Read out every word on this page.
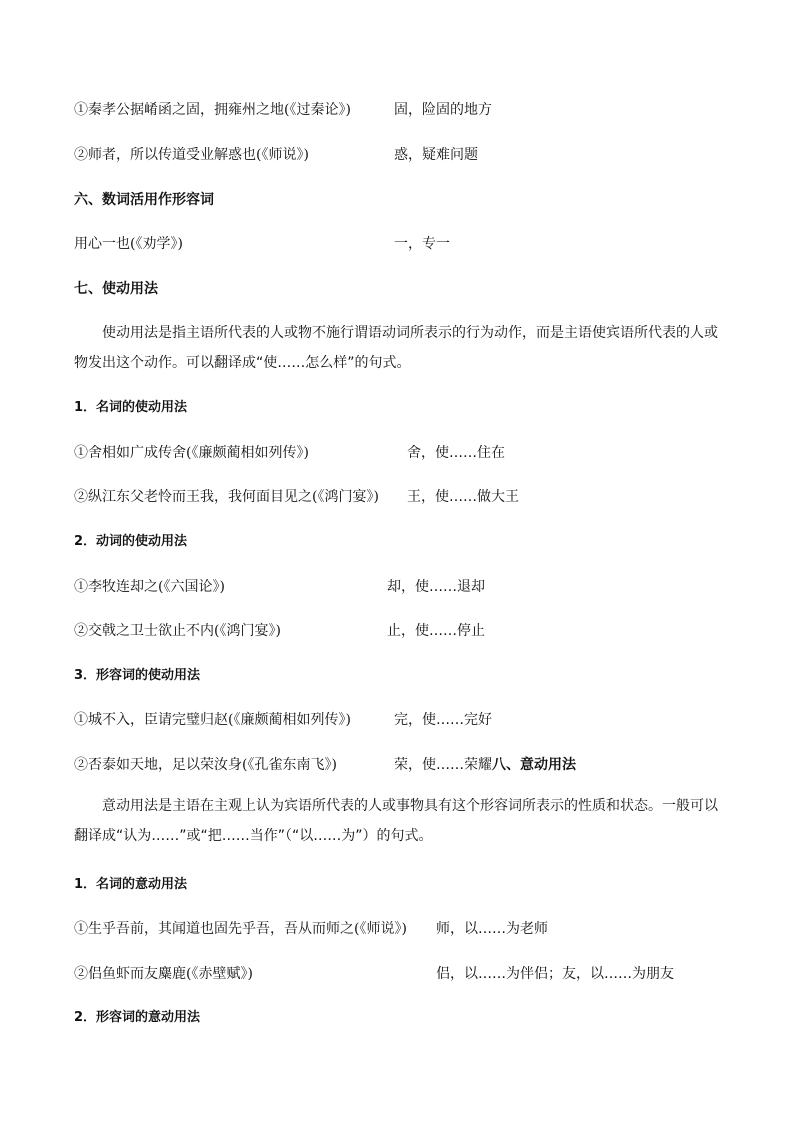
①秦孝公据崤函之固，拥雍州之地(《过秦论》)	固，险固的地方
②师者，所以传道受业解惑也(《师说》)	惑，疑难问题
六、数词活用作形容词
用心一也(《劝学》)	一，专一
七、使动用法
使动用法是指主语所代表的人或物不施行谓语动词所表示的行为动作，而是主语使宾语所代表的人或物发出这个动作。可以翻译成“使……怎么样”的句式。
1．名词的使动用法
①舍相如广成传舍(《廉颇蔺相如列传》)	舍，使……住在
②纵江东父老怜而王我，我何面目见之(《鸿门宴》) 王，使……做大王
2．动词的使动用法
①李牧连却之(《六国论》)	却，使……退却
②交戟之卫士欲止不内(《鸿门宴》)	止，使……停止
3．形容词的使动用法
①城不入，臣请完璧归赵(《廉颇蔺相如列传》)	完，使……完好
②否泰如天地，足以荣汝身(《孔雀东南飞》)	荣，使……荣耀八、意动用法
意动用法是主语在主观上认为宾语所代表的人或事物具有这个形容词所表示的性质和状态。一般可以翻译成“认为……”或“把……当作”（“以……为”）的句式。
1．名词的意动用法
①生乎吾前，其闻道也固先乎吾，吾从而师之(《师说》) 师，以……为老师
②侣鱼虾而友麋鹿(《赤壁赋》)	侣，以……为伴侣；友，以……为朋友
2．形容词的意动用法
